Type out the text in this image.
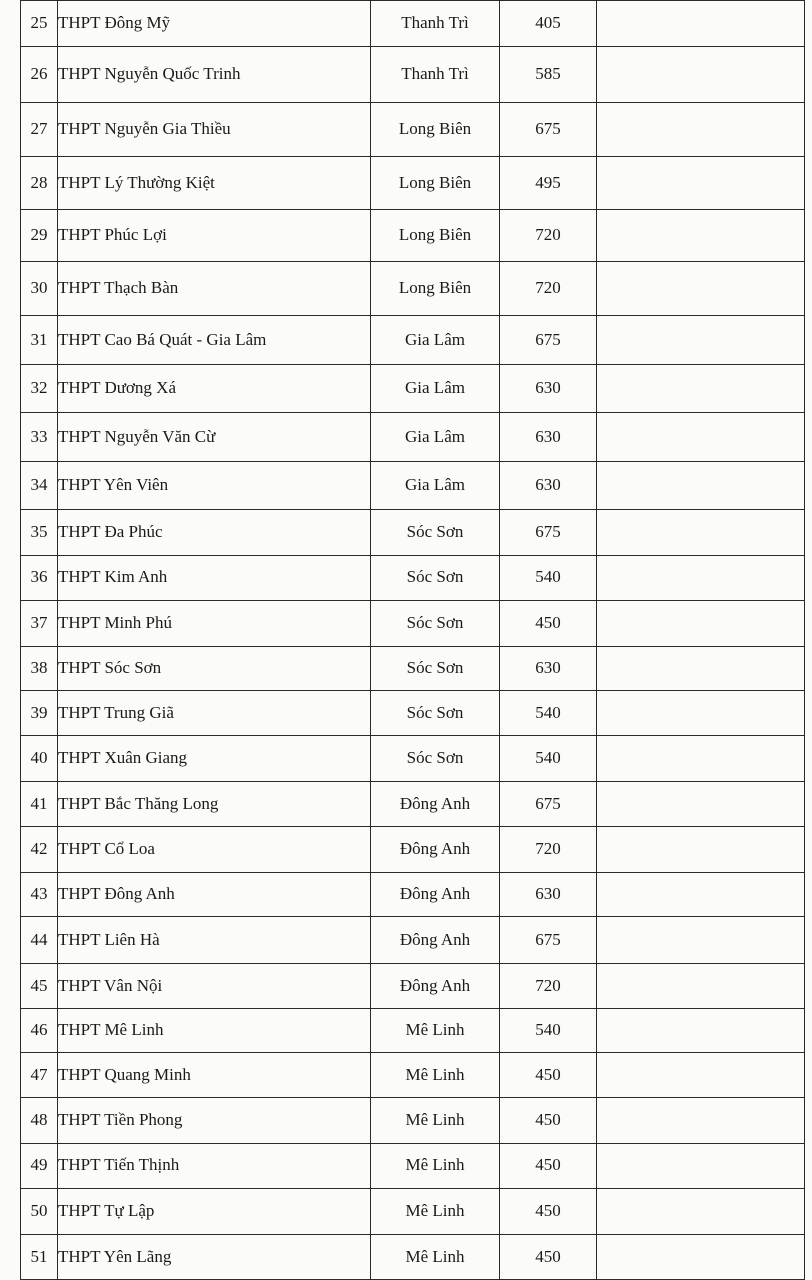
25	THPT Đông Mỹ	Thanh Trì	405	
26	THPT Nguyễn Quốc Trinh	Thanh Trì	585	
27	THPT Nguyễn Gia Thiều	Long Biên	675	
28	THPT Lý Thường Kiệt	Long Biên	495	
29	THPT Phúc Lợi	Long Biên	720	
30	THPT Thạch Bàn	Long Biên	720	
31	THPT Cao Bá Quát - Gia Lâm	Gia Lâm	675	
32	THPT Dương Xá	Gia Lâm	630	
33	THPT Nguyễn Văn Cừ	Gia Lâm	630	
34	THPT Yên Viên	Gia Lâm	630	
35	THPT Đa Phúc	Sóc Sơn	675	
36	THPT Kim Anh	Sóc Sơn	540	
37	THPT Minh Phú	Sóc Sơn	450	
38	THPT Sóc Sơn	Sóc Sơn	630	
39	THPT Trung Giã	Sóc Sơn	540	
40	THPT Xuân Giang	Sóc Sơn	540	
41	THPT Bắc Thăng Long	Đông Anh	675	
42	THPT Cổ Loa	Đông Anh	720	
43	THPT Đông Anh	Đông Anh	630	
44	THPT Liên Hà	Đông Anh	675	
45	THPT Vân Nội	Đông Anh	720	
46	THPT Mê Linh	Mê Linh	540	
47	THPT Quang Minh	Mê Linh	450	
48	THPT Tiền Phong	Mê Linh	450	
49	THPT Tiến Thịnh	Mê Linh	450	
50	THPT Tự Lập	Mê Linh	450	
51	THPT Yên Lãng	Mê Linh	450	
